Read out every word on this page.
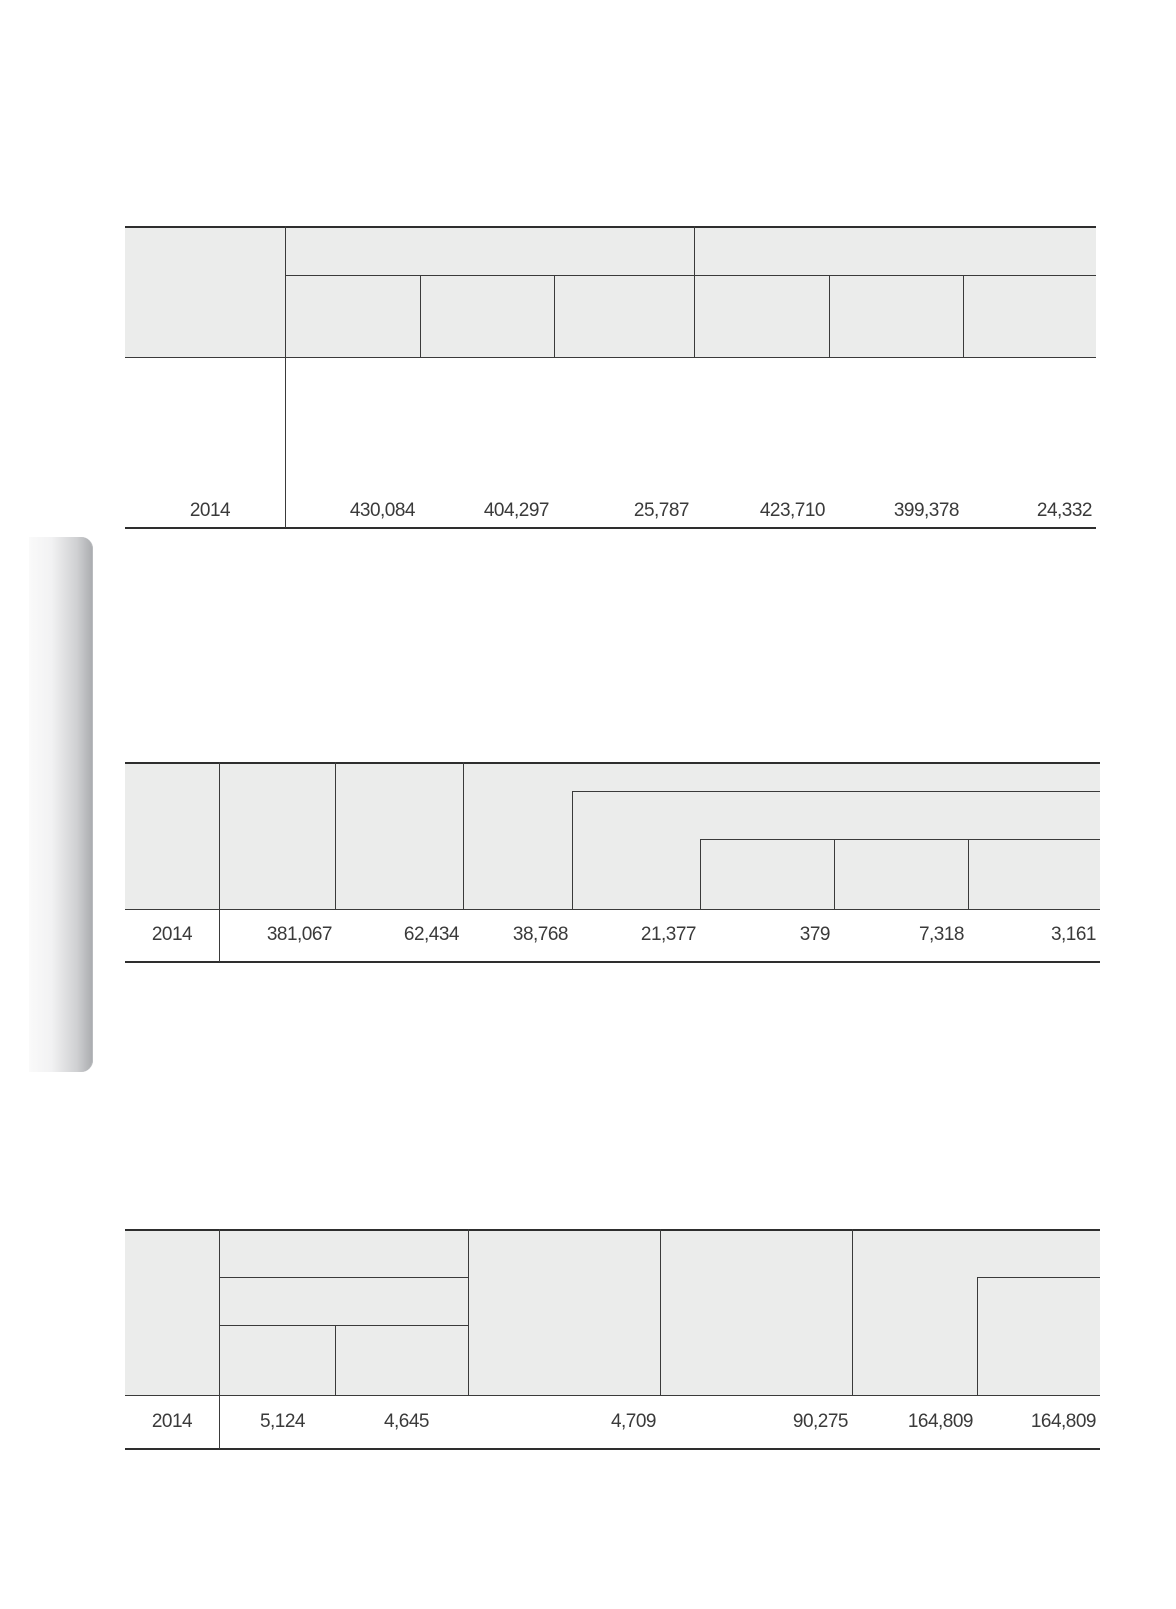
2014	430,084	404,297	25,787	423,710	399,378	24,332
2014	381,067	62,434	38,768	21,377	379	7,318	3,161
2014	5,124	4,645	4,709	90,275	164,809	164,809
